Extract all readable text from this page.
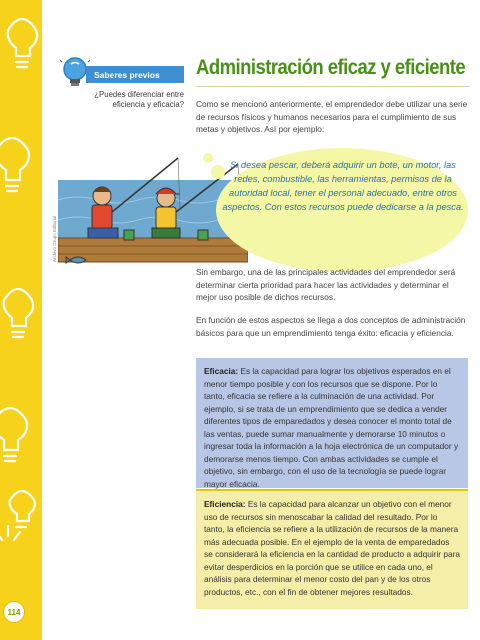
114
Saberes previos
¿Puedes diferenciar entre eficiencia y eficacia?
Administración eficaz y eficiente
Como se mencionó anteriormente, el emprendedor debe utilizar una serie de recursos físicos y humanos necesarios para el cumplimiento de sus metas y objetivos. Así por ejemplo:
Archivo Grupo Editorial
Si desea pescar, deberá adquirir un bote, un motor, las redes, combustible, las herramientas, permisos de la autoridad local, tener el personal adecuado, entre otros aspectos. Con estos recursos puede dedicarse a la pesca.
Sin embargo, una de las principales actividades del emprendedor será determinar cierta prioridad para hacer las actividades y determinar el mejor uso posible de dichos recursos.
En función de estos aspectos se llega a dos conceptos de administración básicos para que un emprendimiento tenga éxito: eficacia y eficiencia.
Eficacia: Es la capacidad para lograr los objetivos esperados en el menor tiempo posible y con los recursos que se dispone. Por lo tanto, eficacia se refiere a la culminación de una actividad. Por ejemplo, si se trata de un emprendimiento que se dedica a vender diferentes tipos de emparedados y desea conocer el monto total de las ventas, puede sumar manualmente y demorarse 10 minutos o ingresar toda la información a la hoja electrónica de un computador y demorarse menos tiempo. Con ambas actividades se cumple el objetivo, sin embargo, con el uso de la tecnología se puede lograr mayor eficacia.
Eficiencia: Es la capacidad para alcanzar un objetivo con el menor uso de recursos sin menoscabar la calidad del resultado. Por lo tanto, la eficiencia se refiere a la utilización de recursos de la manera más adecuada posible. En el ejemplo de la venta de emparedados se considerará la eficiencia en la cantidad de producto a adquirir para evitar desperdicios en la porción que se utilice en cada uno, el análisis para determinar el menor costo del pan y de los otros productos, etc., con el fin de obtener mejores resultados.
